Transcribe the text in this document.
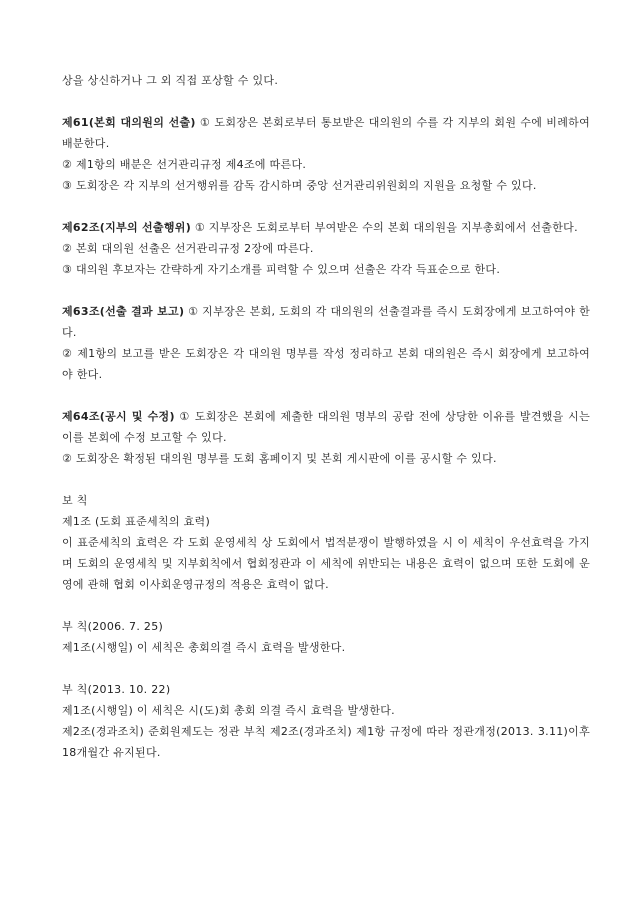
상을 상신하거나 그 외 직접 포상할 수 있다.

제61(본회 대의원의 선출) ① 도회장은 본회로부터 통보받은 대의원의 수를 각 지부의 회원 수에 비례하여 배분한다.

② 제1항의 배분은 선거관리규정 제4조에 따른다.

③ 도회장은 각 지부의 선거행위를 감독 감시하며 중앙 선거관리위원회의 지원을 요청할 수 있다.

제62조(지부의 선출행위) ① 지부장은 도회로부터 부여받은 수의 본회 대의원을 지부총회에서 선출한다.

② 본회 대의원 선출은 선거관리규정 2장에 따른다.

③ 대의원 후보자는 간략하게 자기소개를 피력할 수 있으며 선출은 각각 득표순으로 한다.

제63조(선출 결과 보고) ① 지부장은 본회, 도회의 각 대의원의 선출결과를 즉시 도회장에게 보고하여야 한다.

② 제1항의 보고를 받은 도회장은 각 대의원 명부를 작성 정리하고 본회 대의원은 즉시 회장에게 보고하여야 한다.

제64조(공시 및 수정) ① 도회장은 본회에 제출한 대의원 명부의 공람 전에 상당한 이유를 발견했을 시는 이를 본회에 수정 보고할 수 있다.

② 도회장은 확정된 대의원 명부를 도회 홈페이지 및 본회 게시판에 이를 공시할 수 있다.

보 칙

제1조 (도회 표준세칙의 효력)

이 표준세칙의 효력은 각 도회 운영세칙 상 도회에서 법적분쟁이 발행하였을 시 이 세칙이 우선효력을 가지며 도회의 운영세칙 및 지부회칙에서 협회정관과 이 세칙에 위반되는 내용은 효력이 없으며 또한 도회에 운영에 관해 협회 이사회운영규정의 적용은 효력이 없다.

부 칙(2006. 7. 25)

제1조(시행일) 이 세칙은 총회의결 즉시 효력을 발생한다.

부 칙(2013. 10. 22)

제1조(시행일) 이 세칙은 시(도)회 총회 의결 즉시 효력을 발생한다.

제2조(경과조치) 준회원제도는 정관 부칙 제2조(경과조치) 제1항 규정에 따라 정관개정(2013. 3.11)이후 18개월간 유지된다.
